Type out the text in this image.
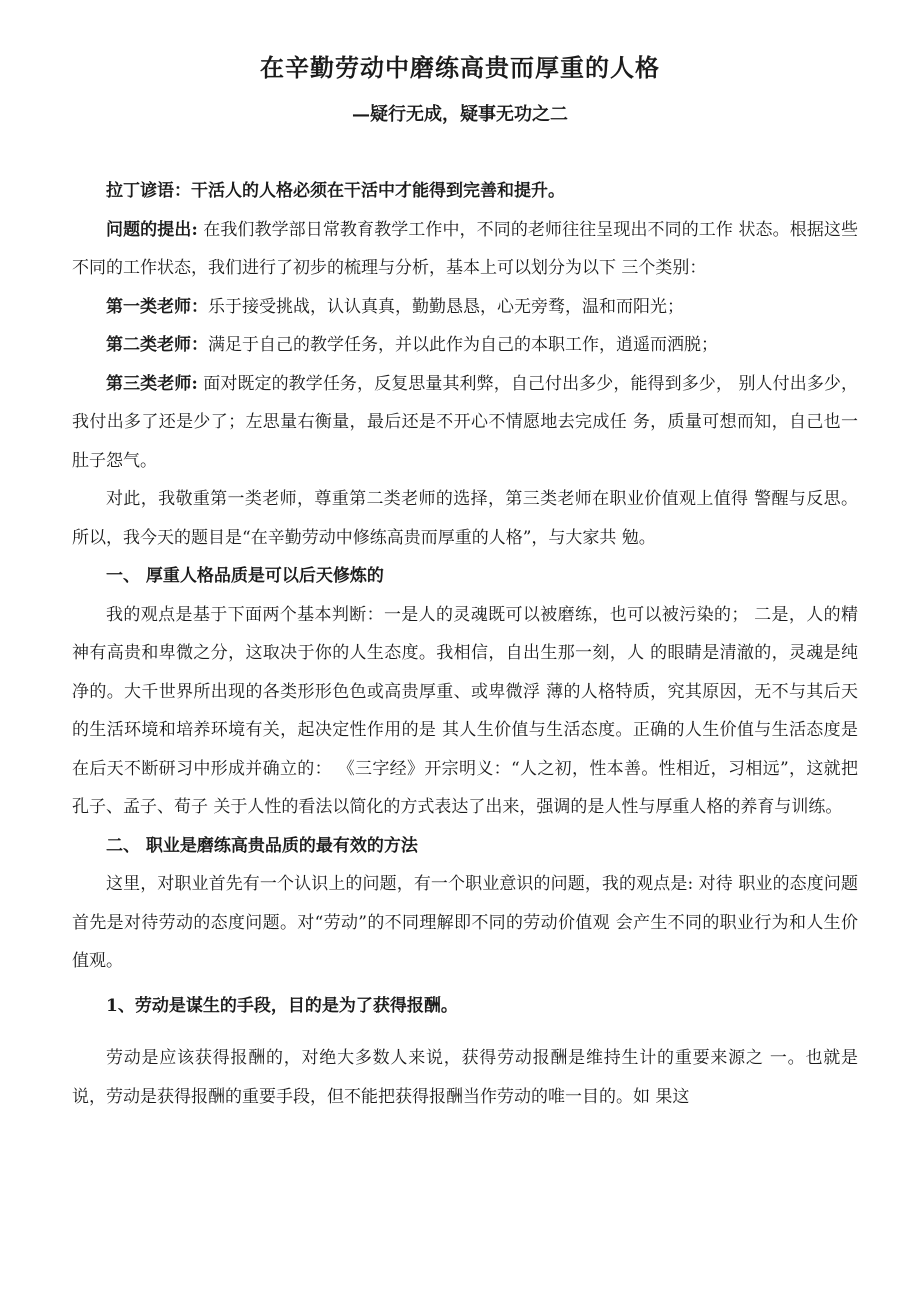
在辛勤劳动中磨练高贵而厚重的人格
—疑行无成，疑事无功之二

拉丁谚语：干活人的人格必须在干活中才能得到完善和提升。

问题的提出: 在我们教学部日常教育教学工作中，不同的老师往往呈现出不同的工作 状态。根据这些不同的工作状态，我们进行了初步的梳理与分析，基本上可以划分为以下 三个类别：

第一类老师：乐于接受挑战，认认真真，勤勤恳恳，心无旁骛，温和而阳光；

第二类老师：满足于自己的教学任务，并以此作为自己的本职工作，逍遥而洒脱；

第三类老师: 面对既定的教学任务，反复思量其利弊，自己付出多少，能得到多少， 别人付出多少，我付出多了还是少了；左思量右衡量，最后还是不开心不情愿地去完成任 务，质量可想而知，自己也一肚子怨气。

对此，我敬重第一类老师，尊重第二类老师的选择，第三类老师在职业价值观上值得 警醒与反思。所以，我今天的题目是“在辛勤劳动中修练高贵而厚重的人格”，与大家共 勉。

一、 厚重人格品质是可以后天修炼的

我的观点是基于下面两个基本判断：一是人的灵魂既可以被磨练，也可以被污染的； 二是，人的精神有高贵和卑微之分，这取决于你的人生态度。我相信，自出生那一刻，人 的眼睛是清澈的，灵魂是纯净的。大千世界所出现的各类形形色色或高贵厚重、或卑微浮 薄的人格特质，究其原因，无不与其后天的生活环境和培养环境有关，起决定性作用的是 其人生价值与生活态度。正确的人生价值与生活态度是在后天不断研习中形成并确立的： 《三字经》开宗明义：“人之初，性本善。性相近，习相远”，这就把孔子、孟子、荀子 关于人性的看法以简化的方式表达了出来，强调的是人性与厚重人格的养育与训练。

二、 职业是磨练高贵品质的最有效的方法

这里，对职业首先有一个认识上的问题，有一个职业意识的问题，我的观点是: 对待 职业的态度问题首先是对待劳动的态度问题。对“劳动”的不同理解即不同的劳动价值观 会产生不同的职业行为和人生价值观。

1、劳动是谋生的手段，目的是为了获得报酬。

劳动是应该获得报酬的，对绝大多数人来说，获得劳动报酬是维持生计的重要来源之 一。也就是说，劳动是获得报酬的重要手段，但不能把获得报酬当作劳动的唯一目的。如 果这
